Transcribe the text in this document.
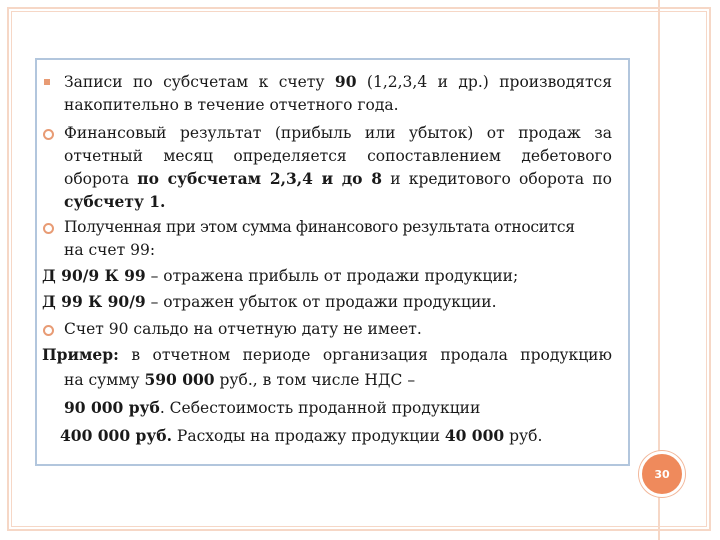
Записи по субсчетам к счету 90 (1,2,3,4 и др.) производятся
накопительно в течение отчетного года.
Финансовый результат (прибыль или убыток) от продаж за
отчетный месяц определяется сопоставлением дебетового
оборота по субсчетам 2,3,4 и до 8 и кредитового оборота по
субсчету 1.
Полученная при этом сумма финансового результата относится
на счет 99:
Д 90/9 К 99 – отражена прибыль от продажи продукции;
Д 99 К 90/9 – отражен убыток от продажи продукции.
Счет 90 сальдо на отчетную дату не имеет.
Пример: в отчетном периоде организация продала продукцию
на сумму 590 000 руб., в том числе НДС –
90 000 руб. Себестоимость проданной продукции
400 000 руб. Расходы на продажу продукции 40 000 руб.
30
